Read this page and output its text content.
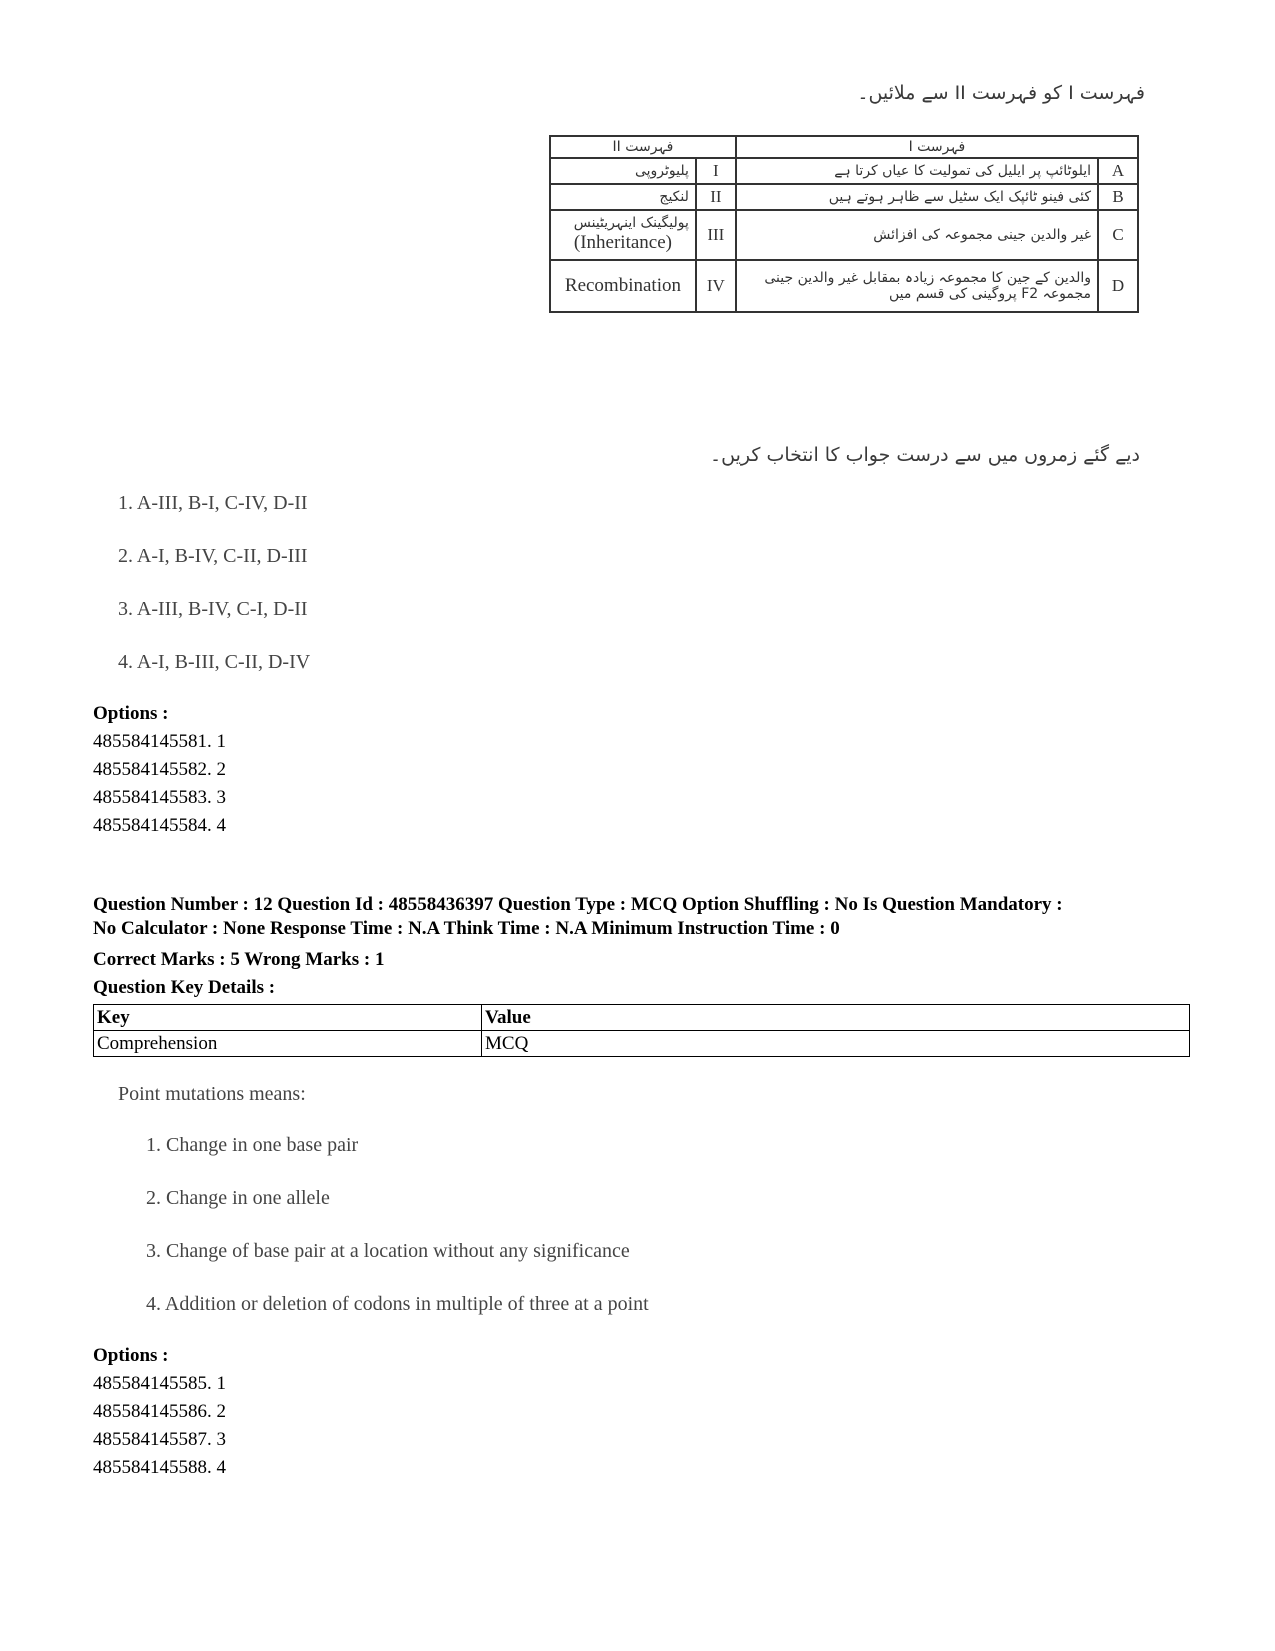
فہرست I کو فہرست II سے ملائیں۔
فہرست II		فہرست I	
پلیوٹروپی	I	ایلوٹائپ پر ایلیل کی تمولیت کا عیاں کرتا ہے	A
لنکیج	II	کئی فینو ٹائپک ایک سٹیل سے ظاہر ہوتے ہیں	B

پولیگینک اینہریٹینس
(Inheritance)	III	غیر والدین جینی مجموعہ کی افزائش	C
Recombination	IV	والدین کے جین کا مجموعہ زیادہ بمقابل غیر والدین جینی مجموعہ F2 پروگینی کی قسم میں	D
دیے گئے زمروں میں سے درست جواب کا انتخاب کریں۔
1. A-III, B-I, C-IV, D-II
2. A-I, B-IV, C-II, D-III
3. A-III, B-IV, C-I, D-II
4. A-I, B-III, C-II, D-IV
Options :
485584145581. 1
485584145582. 2
485584145583. 3
485584145584. 4
Question Number : 12 Question Id : 48558436397 Question Type : MCQ Option Shuffling : No Is Question Mandatory :
No Calculator : None Response Time : N.A Think Time : N.A Minimum Instruction Time : 0
Correct Marks : 5 Wrong Marks : 1
Question Key Details :
Key	Value
Comprehension	MCQ
Point mutations means:
1. Change in one base pair
2. Change in one allele
3. Change of base pair at a location without any significance
4. Addition or deletion of codons in multiple of three at a point
Options :
485584145585. 1
485584145586. 2
485584145587. 3
485584145588. 4
